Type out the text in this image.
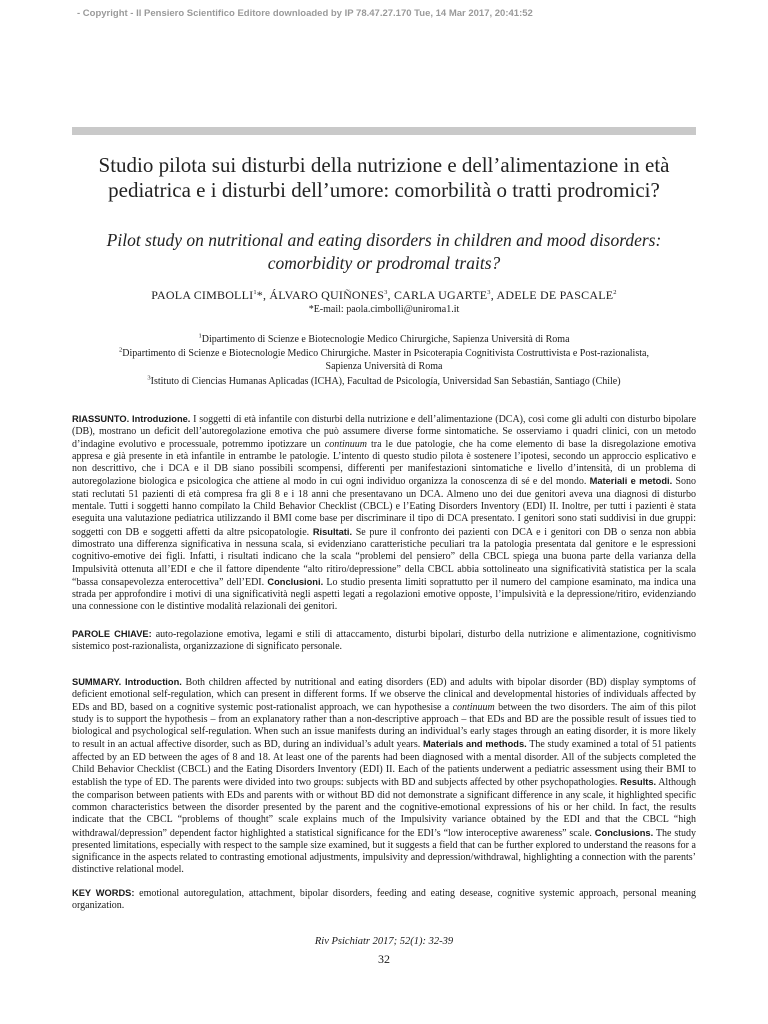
- Copyright - Il Pensiero Scientifico Editore downloaded by IP 78.47.27.170 Tue, 14 Mar 2017, 20:41:52
Studio pilota sui disturbi della nutrizione e dell’alimentazione in età
pediatrica e i disturbi dell’umore: comorbilità o tratti prodromici?
Pilot study on nutritional and eating disorders in children and mood disorders:
comorbidity or prodromal traits?
PAOLA CIMBOLLI$^1$*, ÁLVARO QUIÑONES$^3$, CARLA UGARTE$^3$, ADELE DE PASCALE$^2$
*E-mail: paola.cimbolli@uniroma1.it
$^1$Dipartimento di Scienze e Biotecnologie Medico Chirurgiche, Sapienza Università di Roma
$^2$Dipartimento di Scienze e Biotecnologie Medico Chirurgiche. Master in Psicoterapia Cognitivista Costruttivista e Post-razionalista,
Sapienza Università di Roma
$^3$Istituto di Ciencias Humanas Aplicadas (ICHA), Facultad de Psicología, Universidad San Sebastián, Santiago (Chile)

RIASSUNTO. Introduzione. I soggetti di età infantile con disturbi della nutrizione e dell’alimentazione (DCA), così come gli adulti con disturbo bipolare (DB), mostrano un deficit dell’autoregolazione emotiva che può assumere diverse forme sintomatiche. Se osserviamo i quadri clinici, con un metodo d’indagine evolutivo e processuale, potremmo ipotizzare un continuum tra le due patologie, che ha come elemento di base la disregolazione emotiva appresa e già presente in età infantile in entrambe le patologie. L’intento di questo studio pilota è sostenere l’ipotesi, secondo un approccio esplicativo e non descrittivo, che i DCA e il DB siano possibili scompensi, differenti per manifestazioni sintomatiche e livello d’intensità, di un problema di autoregolazione biologica e psicologica che attiene al modo in cui ogni individuo organizza la conoscenza di sé e del mondo. Materiali e metodi. Sono stati reclutati 51 pazienti di età compresa fra gli 8 e i 18 anni che presentavano un DCA. Almeno uno dei due genitori aveva una diagnosi di disturbo mentale. Tutti i soggetti hanno compilato la Child Behavior Checklist (CBCL) e l’Eating Disorders Inventory (EDI) II. Inoltre, per tutti i pazienti è stata eseguita una valutazione pediatrica utilizzando il BMI come base per discriminare il tipo di DCA presentato. I genitori sono stati suddivisi in due gruppi: soggetti con DB e soggetti affetti da altre psicopatologie. Risultati. Se pure il confronto dei pazienti con DCA e i genitori con DB o senza non abbia dimostrato una differenza significativa in nessuna scala, si evidenziano caratteristiche peculiari tra la patologia presentata dal genitore e le espressioni cognitivo-emotive dei figli. Infatti, i risultati indicano che la scala “problemi del pensiero” della CBCL spiega una buona parte della varianza della Impulsività ottenuta all’EDI e che il fattore dipendente “alto ritiro/depressione” della CBCL abbia sottolineato una significatività statistica per la scala “bassa consapevolezza enterocettiva” dell’EDI. Conclusioni. Lo studio presenta limiti soprattutto per il numero del campione esaminato, ma indica una strada per approfondire i motivi di una significatività negli aspetti legati a regolazioni emotive opposte, l’impulsività e la depressione/ritiro, evidenziando una connessione con le distintive modalità relazionali dei genitori.

PAROLE CHIAVE: auto-regolazione emotiva, legami e stili di attaccamento, disturbi bipolari, disturbo della nutrizione e alimentazione, cognitivismo sistemico post-razionalista, organizzazione di significato personale.

SUMMARY. Introduction. Both children affected by nutritional and eating disorders (ED) and adults with bipolar disorder (BD) display symptoms of deficient emotional self-regulation, which can present in different forms. If we observe the clinical and developmental histories of individuals affected by EDs and BD, based on a cognitive systemic post-rationalist approach, we can hypothesise a continuum between the two disorders. The aim of this pilot study is to support the hypothesis – from an explanatory rather than a non-descriptive approach – that EDs and BD are the possible result of issues tied to biological and psychological self-regulation. When such an issue manifests during an individual’s early stages through an eating disorder, it is more likely to result in an actual affective disorder, such as BD, during an individual’s adult years. Materials and methods. The study examined a total of 51 patients affected by an ED between the ages of 8 and 18. At least one of the parents had been diagnosed with a mental disorder. All of the subjects completed the Child Behavior Checklist (CBCL) and the Eating Disorders Inventory (EDI) II. Each of the patients underwent a pediatric assessment using their BMI to establish the type of ED. The parents were divided into two groups: subjects with BD and subjects affected by other psychopathologies. Results. Although the comparison between patients with EDs and parents with or without BD did not demonstrate a significant difference in any scale, it highlighted specific common characteristics between the disorder presented by the parent and the cognitive-emotional expressions of his or her child. In fact, the results indicate that the CBCL “problems of thought” scale explains much of the Impulsivity variance obtained by the EDI and that the CBCL “high withdrawal/depression” dependent factor highlighted a statistical significance for the EDI’s “low interoceptive awareness” scale. Conclusions. The study presented limitations, especially with respect to the sample size examined, but it suggests a field that can be further explored to understand the reasons for a significance in the aspects related to contrasting emotional adjustments, impulsivity and depression/withdrawal, highlighting a connection with the parents’ distinctive relational model.

KEY WORDS: emotional autoregulation, attachment, bipolar disorders, feeding and eating desease, cognitive systemic approach, personal meaning organization.

Riv Psichiatr 2017; 52(1): 32-39
32
